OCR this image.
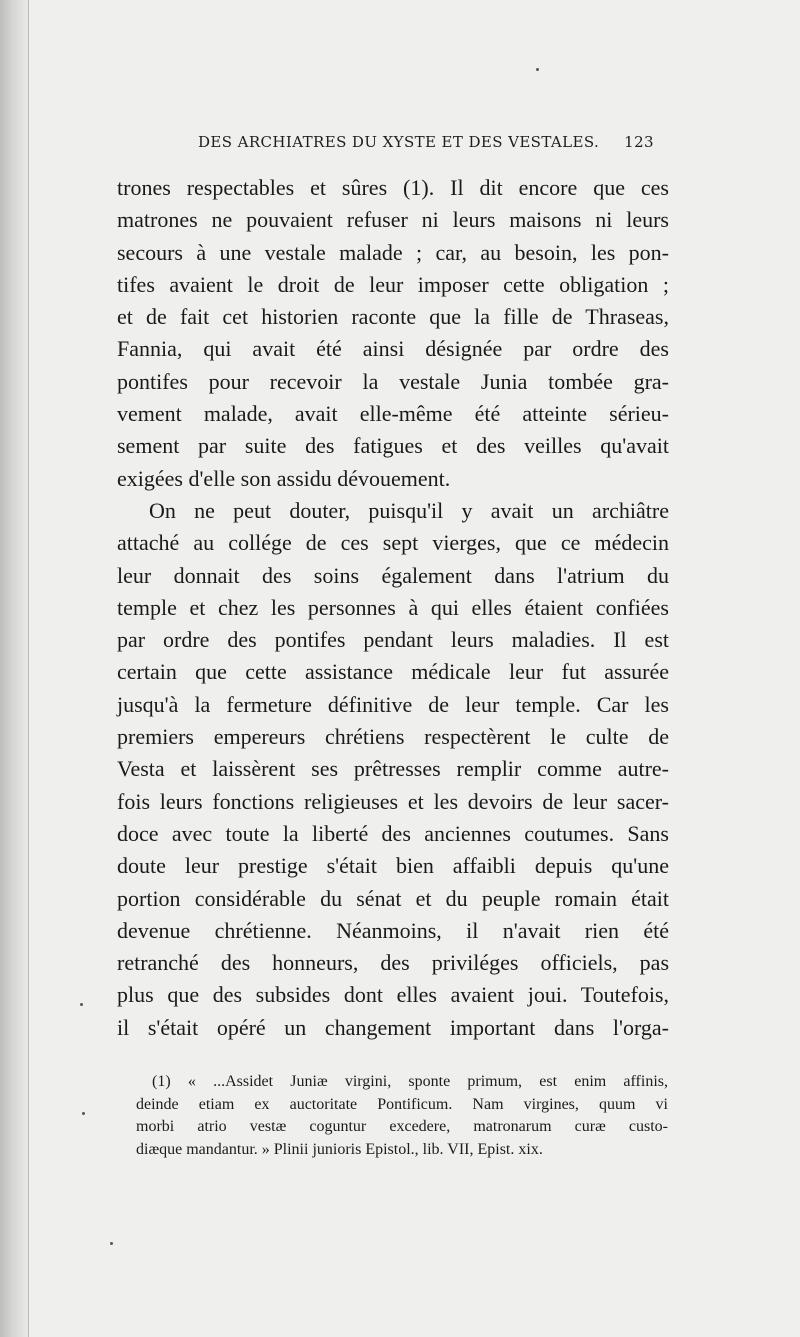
DES ARCHIATRES DU XYSTE ET DES VESTALES. 123
trones respectables et sûres (1). Il dit encore que ces
matrones ne pouvaient refuser ni leurs maisons ni leurs
secours à une vestale malade ; car, au besoin, les pon-
tifes avaient le droit de leur imposer cette obligation ;
et de fait cet historien raconte que la fille de Thraseas,
Fannia, qui avait été ainsi désignée par ordre des
pontifes pour recevoir la vestale Junia tombée gra-
vement malade, avait elle-même été atteinte sérieu-
sement par suite des fatigues et des veilles qu'avait
exigées d'elle son assidu dévouement.
On ne peut douter, puisqu'il y avait un archiâtre
attaché au collége de ces sept vierges, que ce médecin
leur donnait des soins également dans l'atrium du
temple et chez les personnes à qui elles étaient confiées
par ordre des pontifes pendant leurs maladies. Il est
certain que cette assistance médicale leur fut assurée
jusqu'à la fermeture définitive de leur temple. Car les
premiers empereurs chrétiens respectèrent le culte de
Vesta et laissèrent ses prêtresses remplir comme autre-
fois leurs fonctions religieuses et les devoirs de leur sacer-
doce avec toute la liberté des anciennes coutumes. Sans
doute leur prestige s'était bien affaibli depuis qu'une
portion considérable du sénat et du peuple romain était
devenue chrétienne. Néanmoins, il n'avait rien été
retranché des honneurs, des priviléges officiels, pas
plus que des subsides dont elles avaient joui. Toutefois,
il s'était opéré un changement important dans l'orga-
(1) « ...Assidet Juniæ virgini, sponte primum, est enim affinis,
deinde etiam ex auctoritate Pontificum. Nam virgines, quum vi
morbi atrio vestæ coguntur excedere, matronarum curæ custo-
diæque mandantur. » Plinii junioris Epistol., lib. VII, Epist. xix.
